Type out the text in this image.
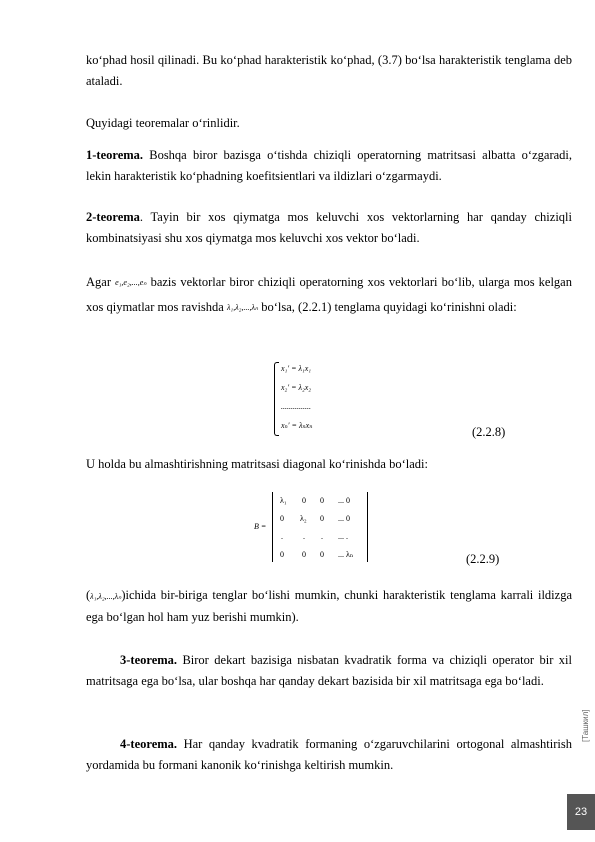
ko‘phad hosil qilinadi. Bu ko‘phad harakteristik ko‘phad, (3.7) bo‘lsa harakteristik tenglama deb ataladi.
Quyidagi teoremalar o‘rinlidir.
1-teorema. Boshqa biror bazisga o‘tishda chiziqli operatorning matritsasi albatta o‘zgaradi, lekin harakteristik ko‘phadning koefitsientlari va ildizlari o‘zgarmaydi.
2-teorema. Tayin bir xos qiymatga mos keluvchi xos vektorlarning har qanday chiziqli kombinatsiyasi shu xos qiymatga mos keluvchi xos vektor bo‘ladi.
Agar e₁,e₂,...,eₙ bazis vektorlar biror chiziqli operatorning xos vektorlari bo‘lib, ularga mos kelgan xos qiymatlar mos ravishda λ₁,λ₂,...,λₙ bo‘lsa, (2.2.1) tenglama quyidagi ko‘rinishni oladi:
x₁′ = λ₁x₁
x₂′ = λ₂x₂
...............
xₙ′ = λₙxₙ	(2.2.8)
U holda bu almashtirishning matritsasi diagonal ko‘rinishda bo‘ladi:
B =
λ₁ 0 0 ... 0
0 λ₂ 0 ... 0
.	. . ... .
0 0 0 ... λₙ	(2.2.9)
(λ₁,λ₂,...,λₙ)ichida bir-biriga tenglar bo‘lishi mumkin, chunki harakteristik tenglama karrali ildizga ega bo‘lgan hol ham yuz berishi mumkin).
3-teorema. Biror dekart bazisiga nisbatan kvadratik forma va chiziqli operator bir xil matritsaga ega bo‘lsa, ular boshqa har qanday dekart bazisida bir xil matritsaga ega bo‘ladi.
4-teorema. Har qanday kvadratik formaning o‘zgaruvchilarini ortogonal almashtirish yordamida bu formani kanonik ko‘rinishga keltirish mumkin.
[Ташкил]
23
